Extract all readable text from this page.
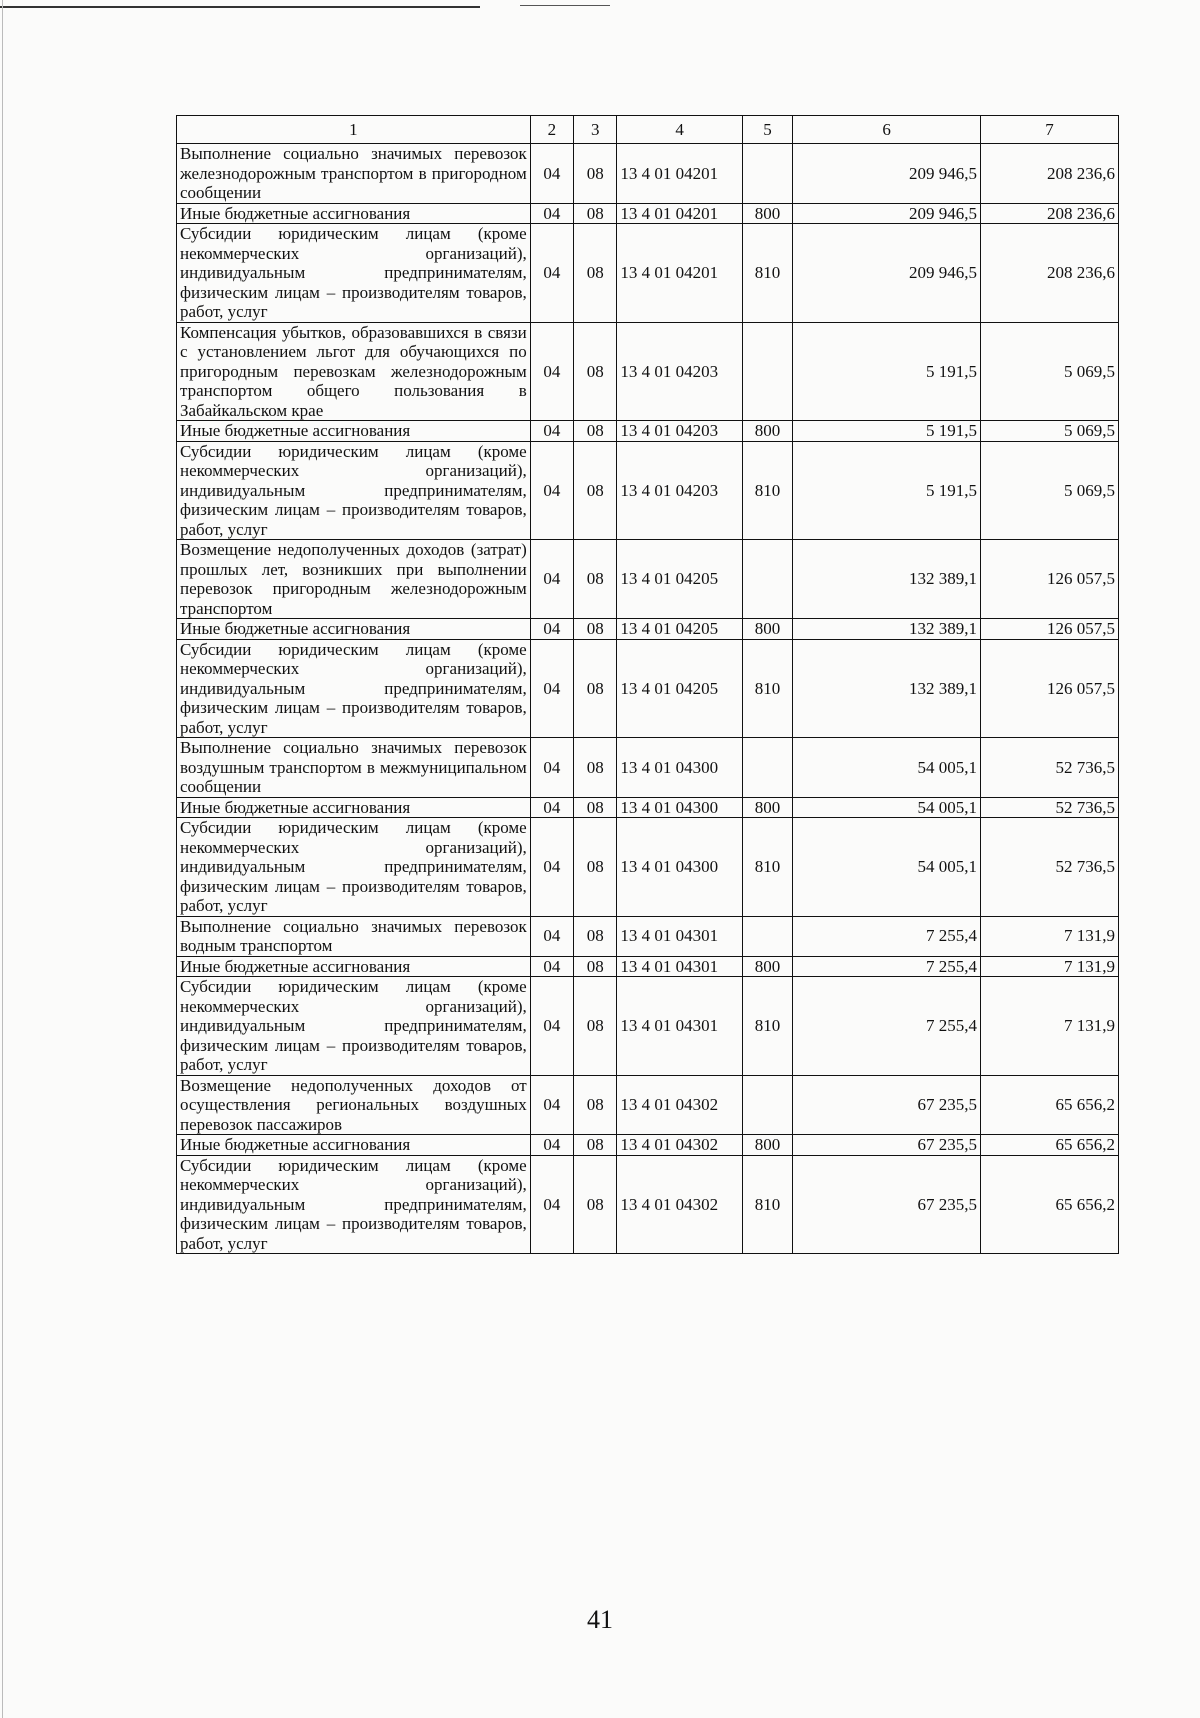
1	2	3	4	5	6	7
Выполнение социально значимых перевозок железнодорожным транспортом в пригородном сообщении	04	08	13 4 01 04201		209 946,5	208 236,6
Иные бюджетные ассигнования	04	08	13 4 01 04201	800	209 946,5	208 236,6
Субсидии юридическим лицам (кроме некоммерческих организаций), индивидуальным предпринимателям, физическим лицам – производителям товаров, работ, услуг	04	08	13 4 01 04201	810	209 946,5	208 236,6
Компенсация убытков, образовавшихся в связи с установлением льгот для обучающихся по пригородным перевозкам железнодорожным транспортом общего пользования в Забайкальском крае	04	08	13 4 01 04203		5 191,5	5 069,5
Иные бюджетные ассигнования	04	08	13 4 01 04203	800	5 191,5	5 069,5
Субсидии юридическим лицам (кроме некоммерческих организаций), индивидуальным предпринимателям, физическим лицам – производителям товаров, работ, услуг	04	08	13 4 01 04203	810	5 191,5	5 069,5
Возмещение недополученных доходов (затрат) прошлых лет, возникших при выполнении перевозок пригородным железнодорожным транспортом	04	08	13 4 01 04205		132 389,1	126 057,5
Иные бюджетные ассигнования	04	08	13 4 01 04205	800	132 389,1	126 057,5
Субсидии юридическим лицам (кроме некоммерческих организаций), индивидуальным предпринимателям, физическим лицам – производителям товаров, работ, услуг	04	08	13 4 01 04205	810	132 389,1	126 057,5
Выполнение социально значимых перевозок воздушным транспортом в межмуниципальном сообщении	04	08	13 4 01 04300		54 005,1	52 736,5
Иные бюджетные ассигнования	04	08	13 4 01 04300	800	54 005,1	52 736,5
Субсидии юридическим лицам (кроме некоммерческих организаций), индивидуальным предпринимателям, физическим лицам – производителям товаров, работ, услуг	04	08	13 4 01 04300	810	54 005,1	52 736,5
Выполнение социально значимых перевозок водным транспортом	04	08	13 4 01 04301		7 255,4	7 131,9
Иные бюджетные ассигнования	04	08	13 4 01 04301	800	7 255,4	7 131,9
Субсидии юридическим лицам (кроме некоммерческих организаций), индивидуальным предпринимателям, физическим лицам – производителям товаров, работ, услуг	04	08	13 4 01 04301	810	7 255,4	7 131,9
Возмещение недополученных доходов от осуществления региональных воздушных перевозок пассажиров	04	08	13 4 01 04302		67 235,5	65 656,2
Иные бюджетные ассигнования	04	08	13 4 01 04302	800	67 235,5	65 656,2
Субсидии юридическим лицам (кроме некоммерческих организаций), индивидуальным предпринимателям, физическим лицам – производителям товаров, работ, услуг	04	08	13 4 01 04302	810	67 235,5	65 656,2
41
